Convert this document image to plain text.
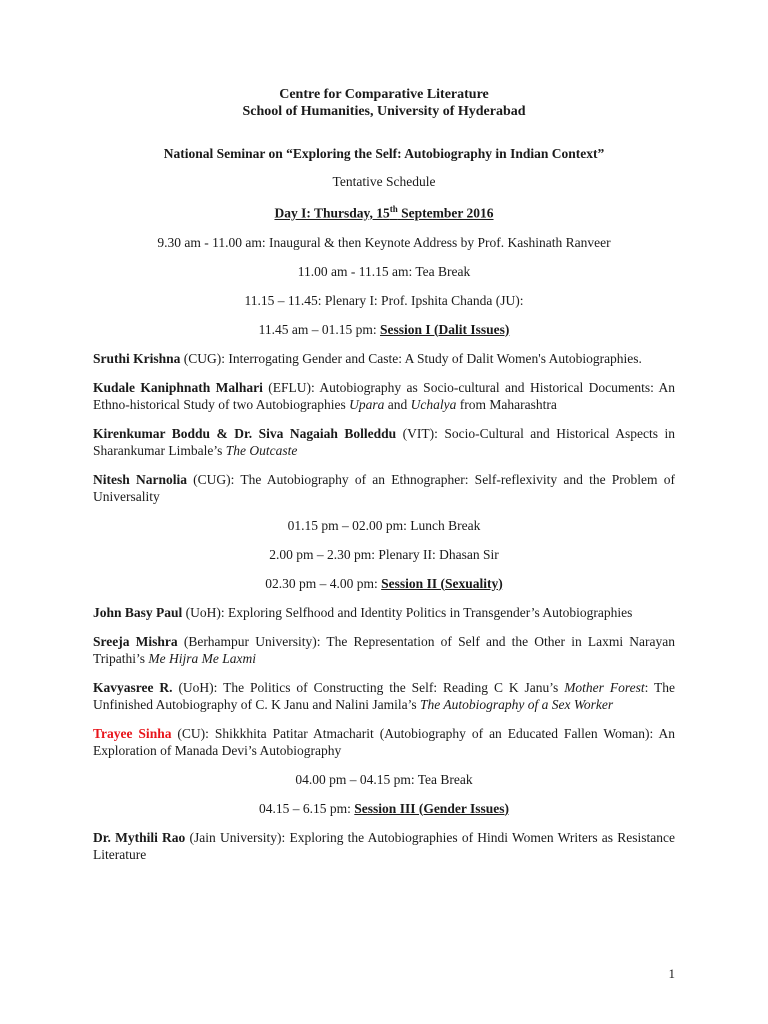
Centre for Comparative Literature
School of Humanities, University of Hyderabad
National Seminar on “Exploring the Self: Autobiography in Indian Context”
Tentative Schedule
Day I: Thursday, 15th September 2016
9.30 am - 11.00 am: Inaugural & then Keynote Address by Prof. Kashinath Ranveer
11.00 am - 11.15 am: Tea Break
11.15 – 11.45: Plenary I: Prof. Ipshita Chanda (JU):
11.45 am – 01.15 pm: Session I (Dalit Issues)
Sruthi Krishna (CUG): Interrogating Gender and Caste: A Study of Dalit Women's Autobiographies.
Kudale Kaniphnath Malhari (EFLU): Autobiography as Socio-cultural and Historical Documents: An Ethno-historical Study of two Autobiographies Upara and Uchalya from Maharashtra
Kirenkumar Boddu & Dr. Siva Nagaiah Bolleddu (VIT): Socio-Cultural and Historical Aspects in Sharankumar Limbale’s The Outcaste
Nitesh Narnolia (CUG): The Autobiography of an Ethnographer: Self-reflexivity and the Problem of Universality
01.15 pm – 02.00 pm: Lunch Break
2.00 pm – 2.30 pm: Plenary II: Dhasan Sir
02.30 pm – 4.00 pm: Session II (Sexuality)
John Basy Paul (UoH): Exploring Selfhood and Identity Politics in Transgender’s Autobiographies
Sreeja Mishra (Berhampur University): The Representation of Self and the Other in Laxmi Narayan Tripathi’s Me Hijra Me Laxmi
Kavyasree R. (UoH): The Politics of Constructing the Self: Reading C K Janu’s Mother Forest: The Unfinished Autobiography of C. K Janu and Nalini Jamila’s The Autobiography of a Sex Worker
Trayee Sinha (CU): Shikkhita Patitar Atmacharit (Autobiography of an Educated Fallen Woman): An Exploration of Manada Devi’s Autobiography
04.00 pm – 04.15 pm: Tea Break
04.15 – 6.15 pm: Session III (Gender Issues)
Dr. Mythili Rao (Jain University): Exploring the Autobiographies of Hindi Women Writers as Resistance Literature
1
